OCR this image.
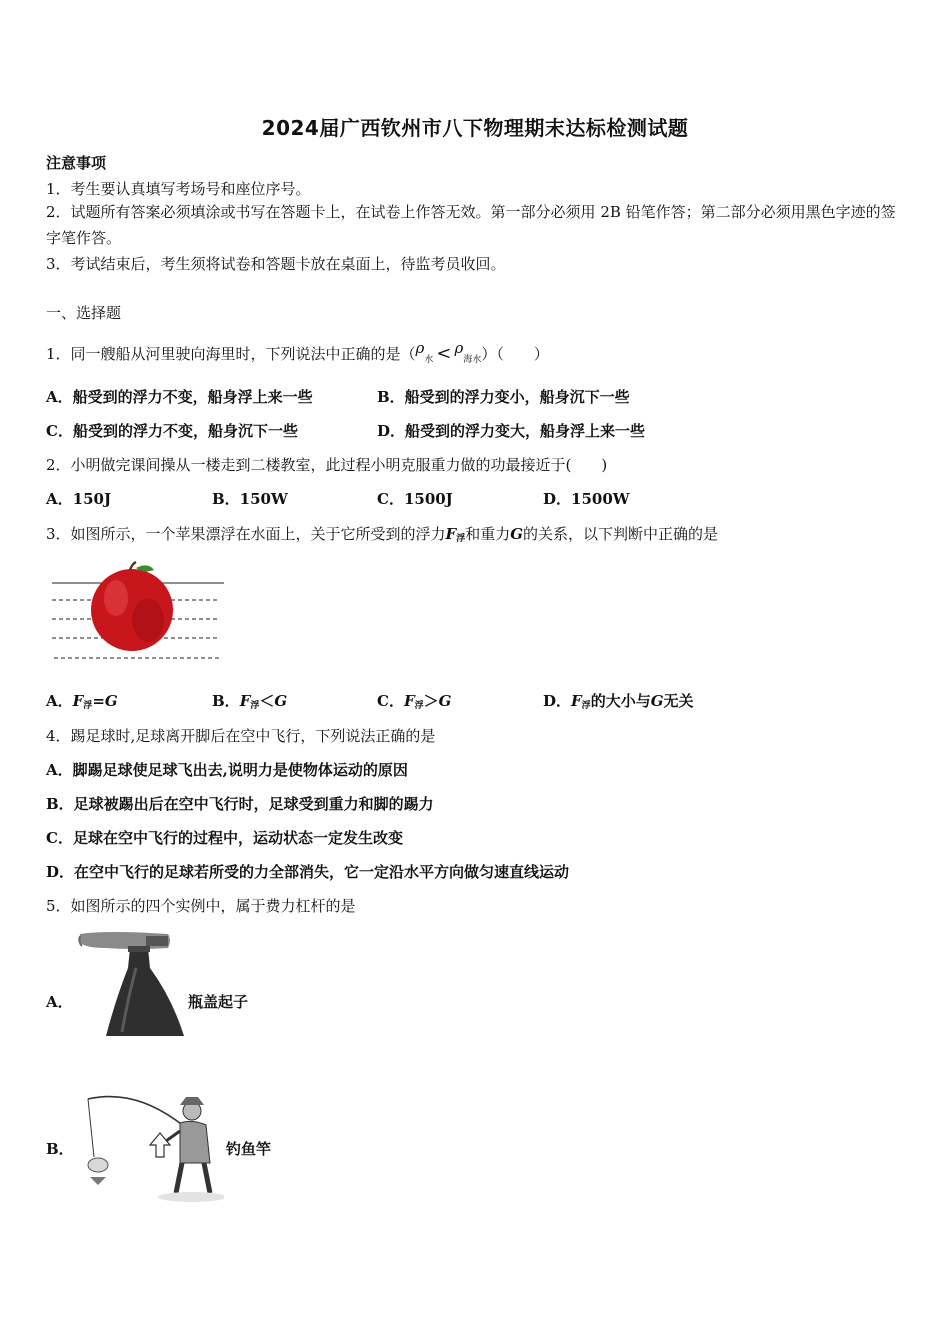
2024届广西钦州市八下物理期末达标检测试题
注意事项
1．考生要认真填写考场号和座位序号。
2．试题所有答案必须填涂或书写在答题卡上，在试卷上作答无效。第一部分必须用 2B 铅笔作答；第二部分必须用黑色字迹的签字笔作答。
3．考试结束后，考生须将试卷和答题卡放在桌面上，待监考员收回。
一、选择题
1．同一艘船从河里驶向海里时，下列说法中正确的是$(\rho_水 < \rho_{海水})$（　　）
A．船受到的浮力不变，船身浮上来一些	B．船受到的浮力变小，船身沉下一些
C．船受到的浮力不变，船身沉下一些	D．船受到的浮力变大，船身浮上来一些
2．小明做完课间操从一楼走到二楼教室，此过程小明克服重力做的功最接近于(　　)
A．150J	B．150W	C．1500J	D．1500W
3．如图所示，一个苹果漂浮在水面上，关于它所受到的浮力$F_浮$和重力G的关系，以下判断中正确的是
A．$F_浮=G$	B．$F_浮<G$	C．$F_浮>G$	D．$F_浮$的大小与G无关
4．踢足球时,足球离开脚后在空中飞行，下列说法正确的是
A．脚踢足球使足球飞出去,说明力是使物体运动的原因
B．足球被踢出后在空中飞行时，足球受到重力和脚的踢力
C．足球在空中飞行的过程中，运动状态一定发生改变
D．在空中飞行的足球若所受的力全部消失，它一定沿水平方向做匀速直线运动
5．如图所示的四个实例中，属于费力杠杆的是
A．	瓶盖起子
B．	钓鱼竿
